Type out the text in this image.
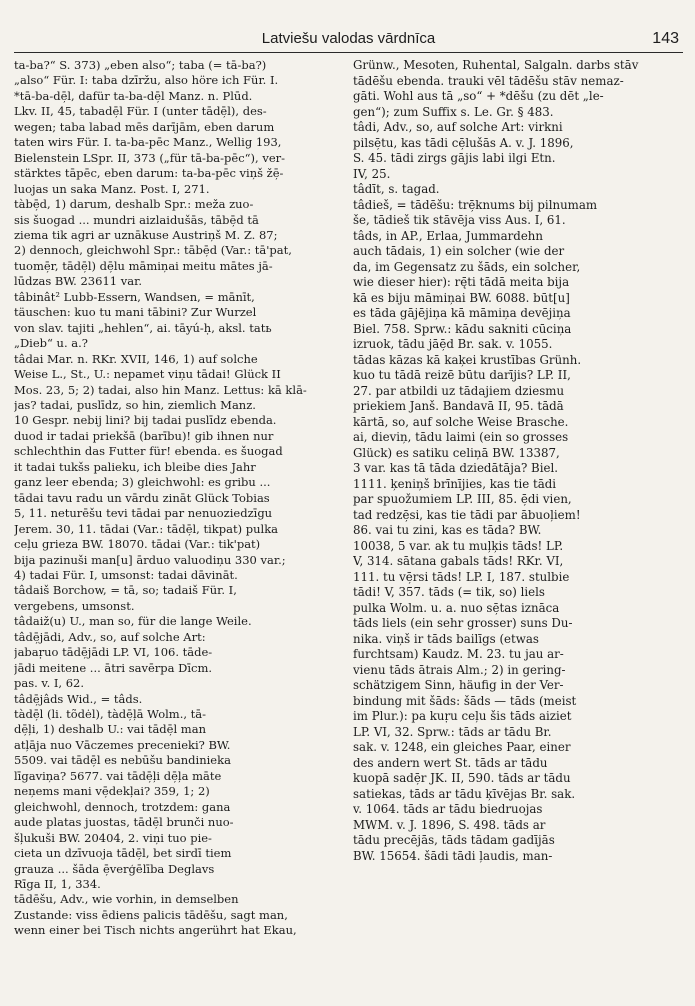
Latviešu valodas vārdnīca	143
ta-ba?“ S. 373) „eben also“; taba (= tā-ba?)
„also“ Für. I: taba dzīržu, also höre ich Für. I.
*tā-ba-dē̦l, dafür ta-ba-dē̦l Manz. n. Plūd.
Lkv. II, 45, tabadē̦l Für. I (unter tādē̦l), des-
wegen; taba labad mēs darījām, eben darum
taten wirs Für. I. ta-ba-pēc Manz., Wellig 193,
Bielenstein LSpr. II, 373 („für tā-ba-pēc“), ver-
stärktes tāpēc, eben darum: ta-ba-pēc viņš žē̦-
luojas un saka Manz. Post. I, 271.
tàbē̦d, 1) darum, deshalb Spr.: meža zuo-
sis šuogad ... mundri aizlaidušās, tābē̦d tā
ziema tik agri ar uznākuse Austriņš M. Z. 87;
2) dennoch, gleichwohl Spr.: tābē̦d (Var.: tā'pat,
tuomē̦r, tādē̦l) dē̦lu māmiņai meitu mātes jā-
lūdzas BW. 23611 var.
tâbinât² Lubb-Essern, Wandsen, = mānīt,
täuschen: kuo tu mani tābini? Zur Wurzel
von slav. tajiti „hehlen“, ai. tāyú-ḥ, aksl. tatь
„Dieb“ u. a.?
tâdai Mar. n. RKr. XVII, 146, 1) auf solche
Weise L., St., U.: nepamet viņu tādai! Glück II
Mos. 23, 5; 2) tadai, also hin Manz. Lettus: kā klā-
jas? tadai, puslīdz, so hin, ziemlich Manz.
10 Gespr. nebij lini? bij tadai puslīdz ebenda.
duod ir tadai priekšā (barību)! gib ihnen nur
schlechthin das Futter für! ebenda. es šuogad
it tadai tukšs palieku, ich bleibe dies Jahr
ganz leer ebenda; 3) gleichwohl: es gribu ...
tādai tavu radu un vārdu zināt Glück Tobias
5, 11. neturēšu tevi tādai par nenuoziedzīgu
Jerem. 30, 11. tādai (Var.: tādē̦l, tikpat) pulka
ceļu grieza BW. 18070. tādai (Var.: tik'pat)
bija pazinuši man[u] ārduo valuodiņu 330 var.;
4) tadai Für. I, umsonst: tadai dāvināt.
tâdaiš Borchow, = tā, so; tadaiš Für. I,
vergebens, umsonst.
tâdaiž(u) U., man so, für die lange Weile.
tâdē̦jādi, Adv., so, auf solche Art:
jabaṛuo tādē̦jādi LP. VI, 106. tāde-
jādi meitene ... ātri savērpa Dīcm.
pas. v. I, 62.
tâdē̦jâds Wid., = tâds.
tàdē̦l (li. tõdėl), tàdē̦ļā Wolm., tā-
dē̦ļi, 1) deshalb U.: vai tādē̦l man
atļāja nuo Vāczemes precenieki? BW.
5509. vai tādē̦l es nebūšu bandinieka
līgaviņa? 5677. vai tādē̦ļi dē̦ļa māte
neņems mani vē̦dekļai? 359, 1; 2)
gleichwohl, dennoch, trotzdem: gana
aude platas juostas, tādē̦l brunči nuo-
šļukuši BW. 20404, 2. viņi tuo pie-
cieta un dzīvuoja tādē̦l, bet sirdī tiem
grauza ... šāda ē̦verģēlība Deglavs
Rīga II, 1, 334.
tādēšu, Adv., wie vorhin, in demselben
Zustande: viss ēdiens palicis tādēšu, sagt man,
wenn einer bei Tisch nichts angerührt hat Ekau,
Grünw., Mesoten, Ruhental, Salgaln. darbs stāv
tādēšu ebenda. trauki vēl tādēšu stāv nemaz-
gāti. Wohl aus tā „so“ + *dēšu (zu dēt „le-
gen“); zum Suffix s. Le. Gr. § 483.
tâdi, Adv., so, auf solche Art: virkni
pilsē̦tu, kas tādi cē̦lušās A. v. J. 1896,
S. 45. tādi zirgs gājis labi ilgi Etn.
IV, 25.
tâdīt, s. tagad.
tâdieš, = tādēšu: trē̦knums bij pilnumam
še, tādieš tik stāvēja viss Aus. I, 61.
tâds, in AP., Erlaa, Jummardehn
auch tādais, 1) ein solcher (wie der
da, im Gegensatz zu šāds, ein solcher,
wie dieser hier): rę̄ti tādā meita bija
kā es biju māmiņai BW. 6088. būt[u]
es tāda gājējiņa kā māmiņa devējiņa
Biel. 758. Sprw.: kādu sakniti cūciņa
izruok, tādu jāē̦d Br. sak. v. 1055.
tādas kāzas kā kaķei krustības Grünh.
kuo tu tādā reizē būtu darījis? LP. II,
27. par atbildi uz tādajiem dziesmu
priekiem Janš. Bandavā II, 95. tādā
kārtā, so, auf solche Weise Brasche.
ai, dieviņ, tādu laimi (ein so grosses
Glück) es satiku celiņā BW. 13387,
3 var. kas tā tāda dziedātāja? Biel.
1111. ķeniņš brīnījies, kas tie tādi
par spuožumiem LP. III, 85. ē̦di vien,
tad redzē̦si, kas tie tādi par ābuoļiem!
86. vai tu zini, kas es tāda? BW.
10038, 5 var. ak tu muļķis tāds! LP.
V, 314. sātana gabals tāds! RKr. VI,
111. tu vē̦rsi tāds! LP. I, 187. stulbie
tādi! V, 357. tāds (= tik, so) liels
pulka Wolm. u. a. nuo sē̦tas iznāca
tāds liels (ein sehr grosser) suns Du-
nika. viņš ir tāds bailīgs (etwas
furchtsam) Kaudz. M. 23. tu jau ar-
vienu tāds ātrais Alm.; 2) in gering-
schätzigem Sinn, häufig in der Ver-
bindung mit šāds: šāds — tāds (meist
im Plur.): pa kuṛu ceļu šis tāds aiziet
LP. VI, 32. Sprw.: tāds ar tādu Br.
sak. v. 1248, ein gleiches Paar, einer
des andern wert St. tāds ar tādu
kuopā sadē̦r JK. II, 590. tāds ar tādu
satiekas, tāds ar tādu ķīvējas Br. sak.
v. 1064. tāds ar tādu biedruojas
MWM. v. J. 1896, S. 498. tāds ar
tādu precējās, tāds tādam gadījās
BW. 15654. šādi tādi ļaudis, man-
